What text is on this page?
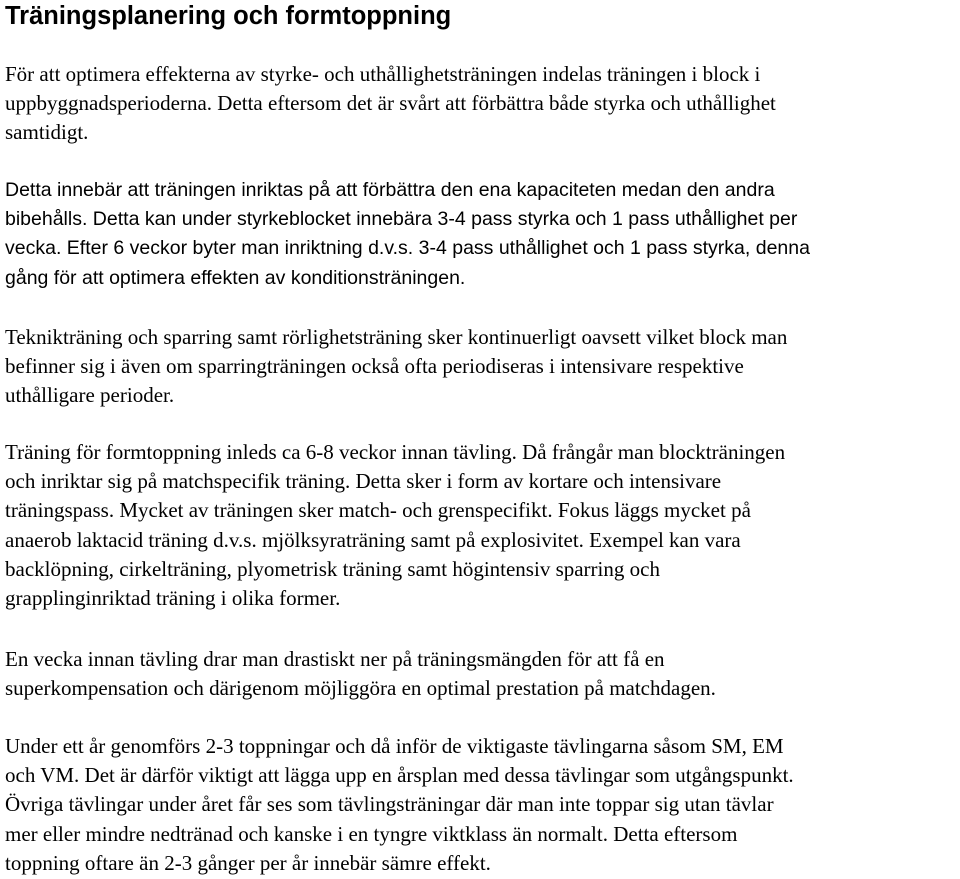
Träningsplanering och formtoppning

För att optimera effekterna av styrke- och uthållighetsträningen indelas träningen i block i
uppbyggnadsperioderna. Detta eftersom det är svårt att förbättra både styrka och uthållighet
samtidigt.

Detta innebär att träningen inriktas på att förbättra den ena kapaciteten medan den andra
bibehålls. Detta kan under styrkeblocket innebära 3-4 pass styrka och 1 pass uthållighet per
vecka. Efter 6 veckor byter man inriktning d.v.s. 3-4 pass uthållighet och 1 pass styrka, denna
gång för att optimera effekten av konditionsträningen.

Teknikträning och sparring samt rörlighetsträning sker kontinuerligt oavsett vilket block man
befinner sig i även om sparringträningen också ofta periodiseras i intensivare respektive
uthålligare perioder.

Träning för formtoppning inleds ca 6-8 veckor innan tävling. Då frångår man blockträningen
och inriktar sig på matchspecifik träning. Detta sker i form av kortare och intensivare
träningspass. Mycket av träningen sker match- och grenspecifikt. Fokus läggs mycket på
anaerob laktacid träning d.v.s. mjölksyraträning samt på explosivitet. Exempel kan vara
backlöpning, cirkelträning, plyometrisk träning samt högintensiv sparring och
grapplinginriktad träning i olika former.

En vecka innan tävling drar man drastiskt ner på träningsmängden för att få en
superkompensation och därigenom möjliggöra en optimal prestation på matchdagen.

Under ett år genomförs 2-3 toppningar och då inför de viktigaste tävlingarna såsom SM, EM
och VM. Det är därför viktigt att lägga upp en årsplan med dessa tävlingar som utgångspunkt.
Övriga tävlingar under året får ses som tävlingsträningar där man inte toppar sig utan tävlar
mer eller mindre nedtränad och kanske i en tyngre viktklass än normalt. Detta eftersom
toppning oftare än 2-3 gånger per år innebär sämre effekt.
